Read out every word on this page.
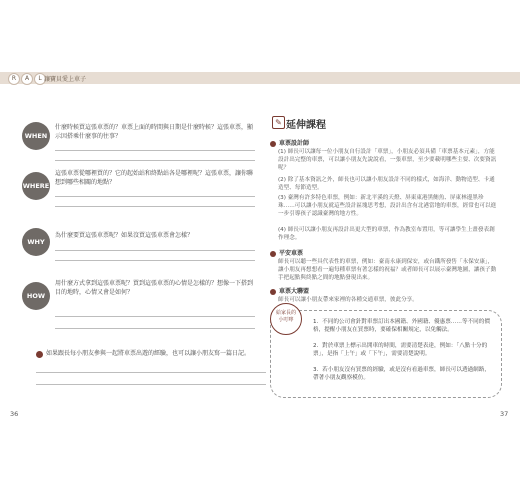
R	A	L 讓寶貝愛上車子
WHEN
什麼時候買這張車票的？車票上面的時間與日期是什麼時候？這張車票，顯示因搭乘什麼事的往事？
WHERE
這張車票從哪裡買的？它的起始站和終點站各是哪裡呢？這張車票，讓你聯想到哪些相關的地點？
WHY
為什麼要買這張車票呢？如果沒買這張車票會怎樣？
HOW
用什麼方式拿到這張車票呢？買到這張車票的心情是怎樣的？想像一下搭到目的地時，心情又會是如何？
如果跟長每小朋友參與一起將車票出遊的經驗，也可以讓小朋友寫一篇日記。
36
✎ 延伸課程
車票設計師
(1) 師長可以讓每一位小朋友自行設計「車票」，小朋友必須具備「車票基本元素」，方能設計出完整的車票，可以讓小朋友先說說看，一張車票，至少要載明哪些主要、次要資訊呢？
(2) 除了基本資訊之外，師長也可以讓小朋友設計不同的樣式，如海洋、動物造型、卡通造型、每節造型。
(3) 臺灣有許多特色車票，例如：新北平溪的天燈、屏東東港黑鮪魚、屏東林邊黑珍珠……可以讓小朋友就這些設計區塊思考想，設計出含有北港當地的車票，經常也可以進一步引導孩子認識臺灣的地方性。
(4) 師長可以讓小朋友再設計出更大型的車票，作為教室布置用，等可讓學生上畫發表創作理念。
平安車票
師長可以聽一些具代表性的車票，例如：臺南永康到保安，或台鐵所發售「永保安康」，讓小朋友再想想看一遍每種車票有著怎樣的祝福？或者師長可以展示臺灣地圖，讓孩子動手把起點與終點之間的地點發現出來。
車票大聯盟
師長可以讓小朋友帶來家裡的各種交通車票，彼此分享。
給家長的小叮嚀	1．不同的公司會針對車票訂出本國籍、外國籍、優惠票……等不同的價格，提醒小朋友在買票時，要確保相關規定，以免觸法。
2．對於車票上標示出開車的時間，需要清楚表達，例如：「八點十分的票」，是指「上午」或「下午」，需要清楚說明。
3．若小朋友沒有買票的經驗，或是沒有看過車票，師長可以透過網路，帶著小朋友觀察模仿。
37
